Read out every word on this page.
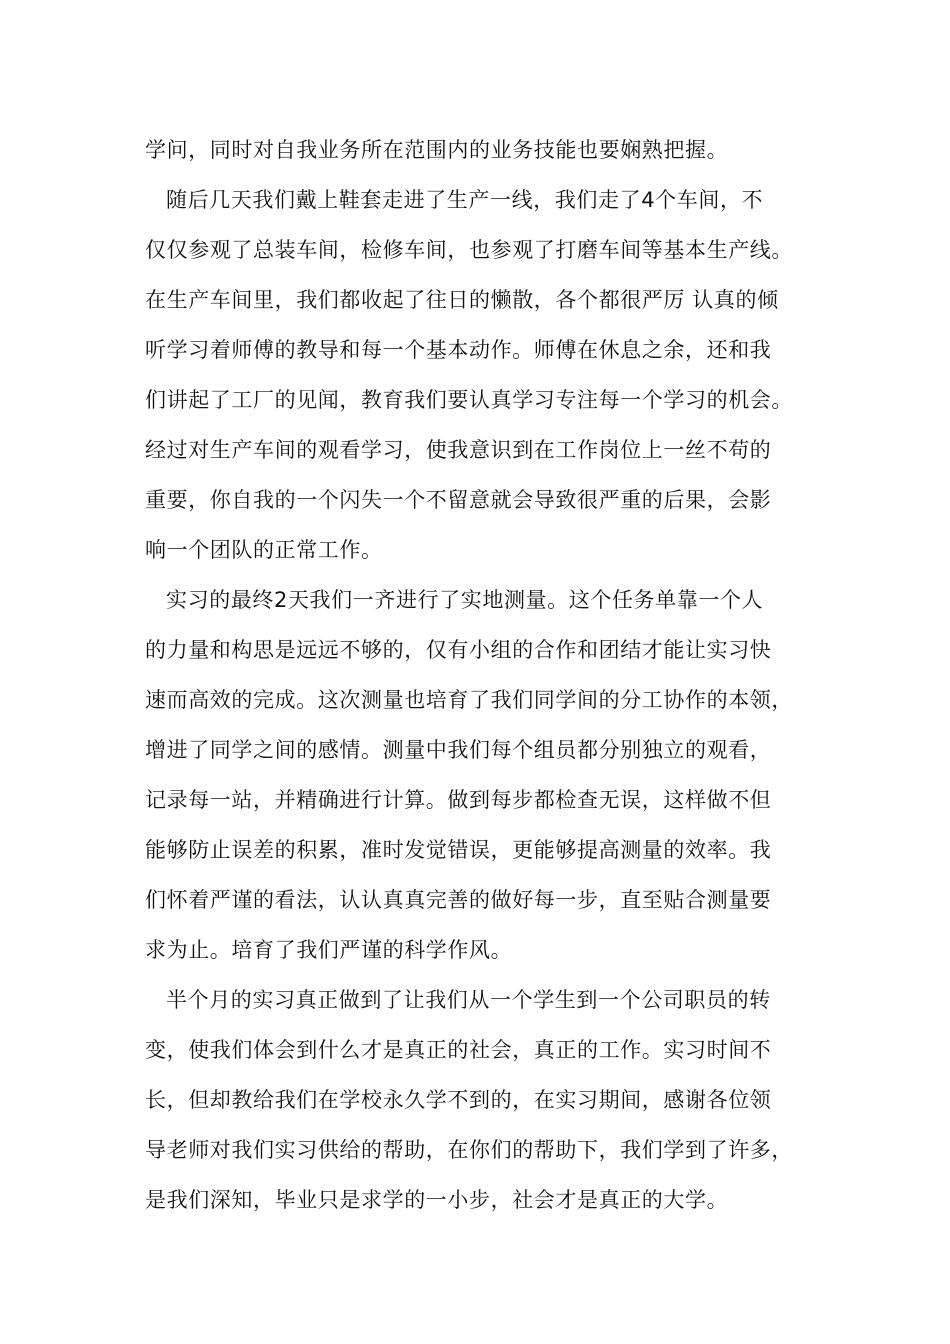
学问，同时对自我业务所在范围内的业务技能也要娴熟把握。
随后几天我们戴上鞋套走进了生产一线，我们走了4个车间，不
仅仅参观了总装车间，检修车间，也参观了打磨车间等基本生产线。
在生产车间里，我们都收起了往日的懒散，各个都很严厉 认真的倾
听学习着师傅的教导和每一个基本动作。师傅在休息之余，还和我
们讲起了工厂的见闻，教育我们要认真学习专注每一个学习的机会。
经过对生产车间的观看学习，使我意识到在工作岗位上一丝不苟的
重要，你自我的一个闪失一个不留意就会导致很严重的后果，会影
响一个团队的正常工作。
实习的最终2天我们一齐进行了实地测量。这个任务单靠一个人
的力量和构思是远远不够的，仅有小组的合作和团结才能让实习快
速而高效的完成。这次测量也培育了我们同学间的分工协作的本领，
增进了同学之间的感情。测量中我们每个组员都分别独立的观看，
记录每一站，并精确进行计算。做到每步都检查无误，这样做不但
能够防止误差的积累，准时发觉错误，更能够提高测量的效率。我
们怀着严谨的看法，认认真真完善的做好每一步，直至贴合测量要
求为止。培育了我们严谨的科学作风。
半个月的实习真正做到了让我们从一个学生到一个公司职员的转
变，使我们体会到什么才是真正的社会，真正的工作。实习时间不
长，但却教给我们在学校永久学不到的，在实习期间，感谢各位领
导老师对我们实习供给的帮助，在你们的帮助下，我们学到了许多，
是我们深知，毕业只是求学的一小步，社会才是真正的大学。
